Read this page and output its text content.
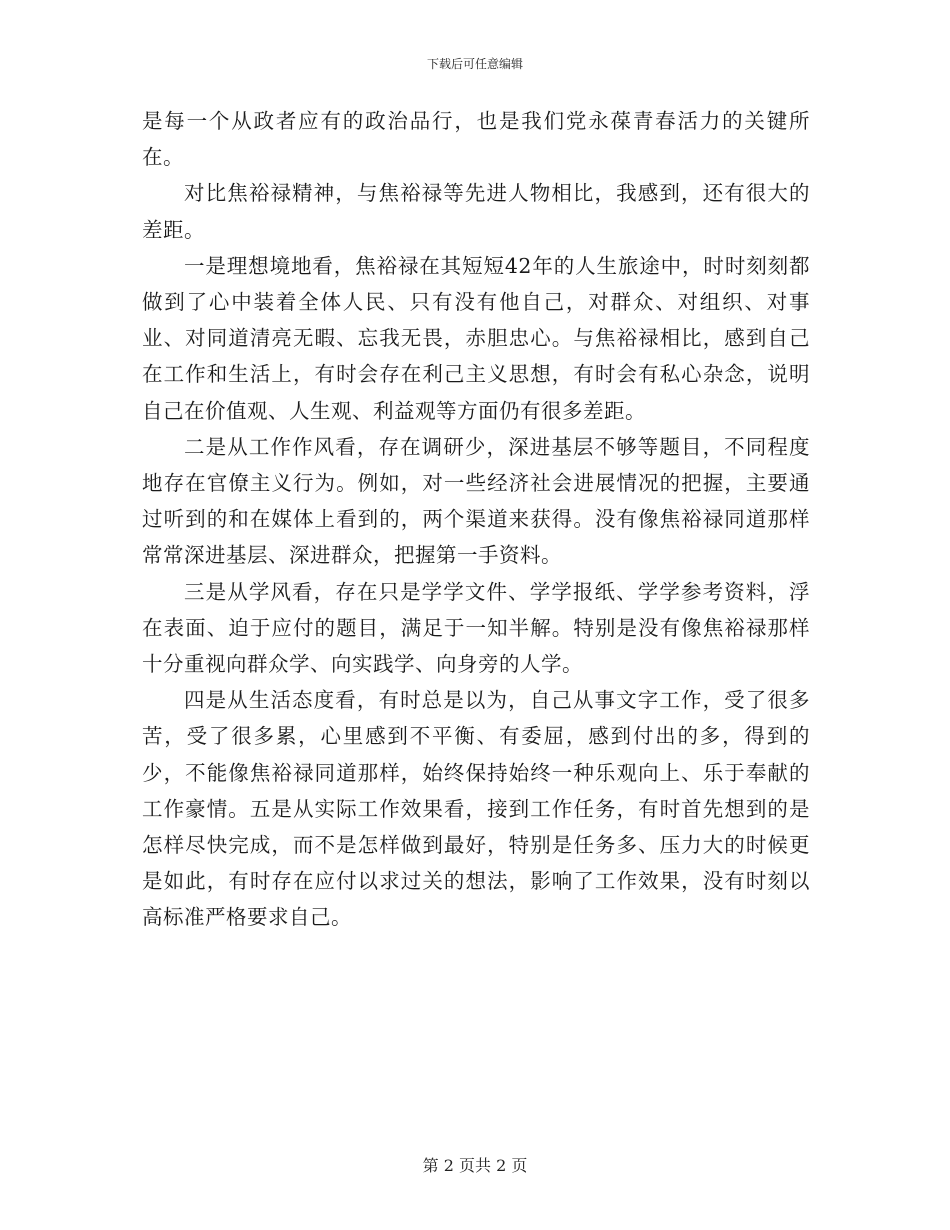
下载后可任意编辑

是每一个从政者应有的政治品行，也是我们党永葆青春活力的关键所在。

对比焦裕禄精神，与焦裕禄等先进人物相比，我感到，还有很大的差距。

一是理想境地看，焦裕禄在其短短42年的人生旅途中，时时刻刻都做到了心中装着全体人民、只有没有他自己，对群众、对组织、对事业、对同道清亮无暇、忘我无畏，赤胆忠心。与焦裕禄相比，感到自己在工作和生活上，有时会存在利己主义思想，有时会有私心杂念，说明自己在价值观、人生观、利益观等方面仍有很多差距。

二是从工作作风看，存在调研少，深进基层不够等题目，不同程度地存在官僚主义行为。例如，对一些经济社会进展情况的把握，主要通过听到的和在媒体上看到的，两个渠道来获得。没有像焦裕禄同道那样常常深进基层、深进群众，把握第一手资料。

三是从学风看，存在只是学学文件、学学报纸、学学参考资料，浮在表面、迫于应付的题目，满足于一知半解。特别是没有像焦裕禄那样十分重视向群众学、向实践学、向身旁的人学。

四是从生活态度看，有时总是以为，自己从事文字工作，受了很多苦，受了很多累，心里感到不平衡、有委屈，感到付出的多，得到的少，不能像焦裕禄同道那样，始终保持始终一种乐观向上、乐于奉献的工作豪情。五是从实际工作效果看，接到工作任务，有时首先想到的是怎样尽快完成，而不是怎样做到最好，特别是任务多、压力大的时候更是如此，有时存在应付以求过关的想法，影响了工作效果，没有时刻以高标准严格要求自己。

第 2 页共 2 页
